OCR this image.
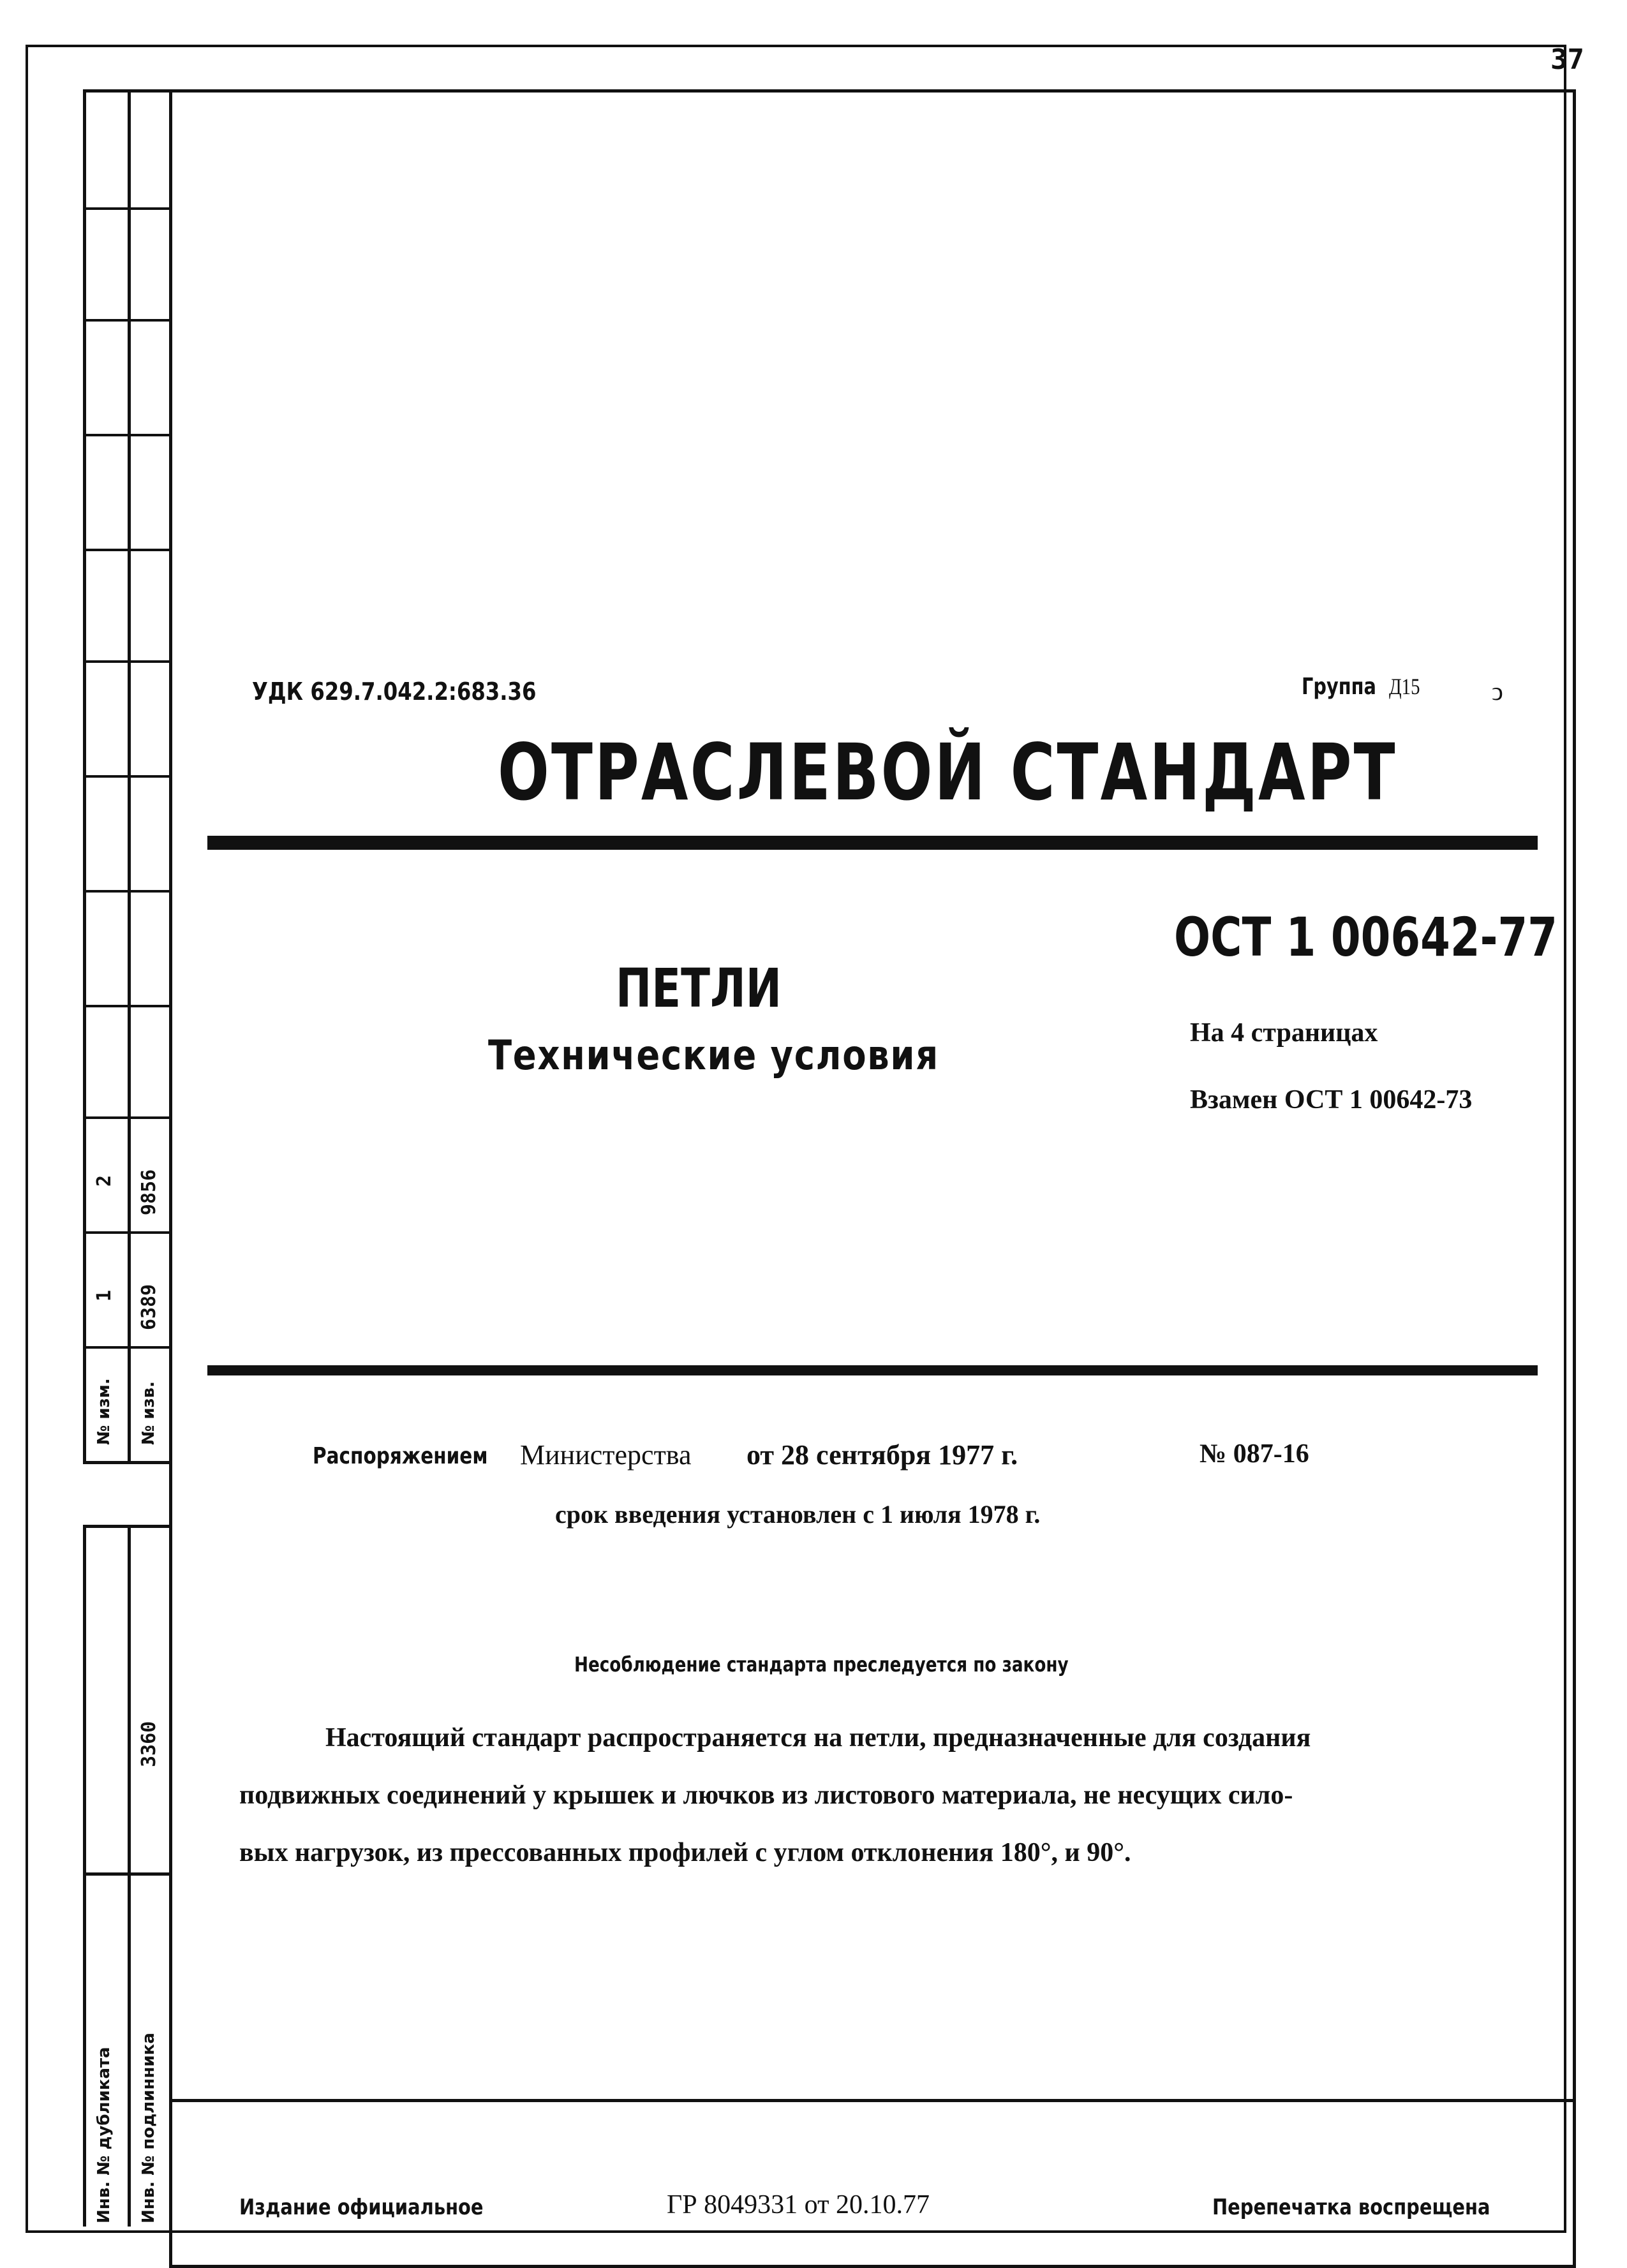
37
№ изм. № изв.
1 6389
2 9856
3360
Инв. № дубликата Инв. № подлинника
УДК 629.7.042.2:683.36	Группа Д15	ↄ
ОТРАСЛЕВОЙ СТАНДАРТ
ОСТ 1 00642-77
ПЕТЛИ
Технические условия	На 4 страницах
Взамен ОСТ 1 00642-73
Распоряжением Министерства от 28 сентября 1977 г.	№ 087-16
срок введения установлен с 1 июля 1978 г.
Несоблюдение стандарта преследуется по закону
Настоящий стандарт распространяется на петли, предназначенные для создания
подвижных соединений у крышек и лючков из листового материала, не несущих сило-
вых нагрузок, из прессованных профилей с углом отклонения 180°, и 90°.
Издание официальное	ГР 8049331 от 20.10.77	Перепечатка воспрещена
